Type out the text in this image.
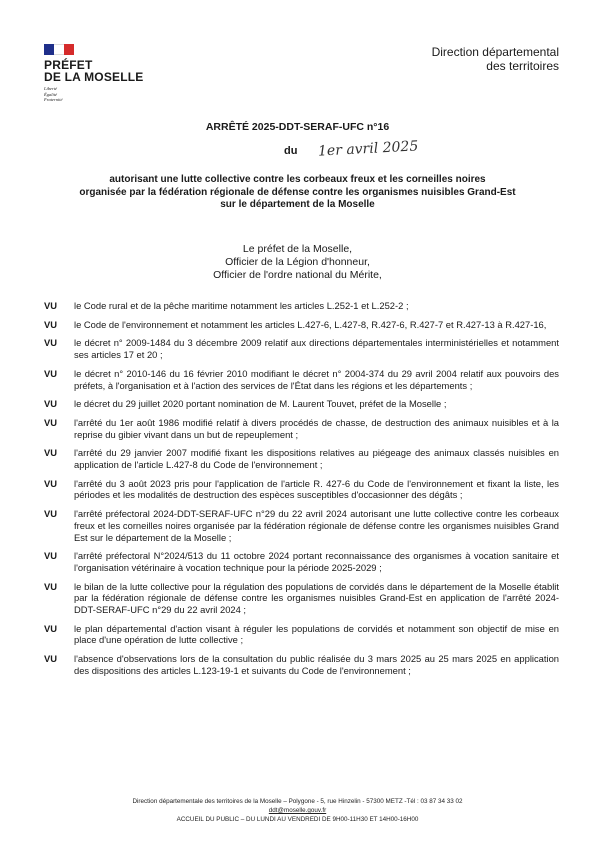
PRÉFET
DE LA MOSELLE
Liberté
Égalité
Fraternité
Direction départemental
des territoires
ARRÊTÉ 2025-DDT-SERAF-UFC n°16
du 1er avril 2025
autorisant une lutte collective contre les corbeaux freux et les corneilles noires
organisée par la fédération régionale de défense contre les organismes nuisibles Grand-Est
sur le département de la Moselle
Le préfet de la Moselle,
Officier de la Légion d'honneur,
Officier de l'ordre national du Mérite,
VU	le Code rural et de la pêche maritime notamment les articles L.252-1 et L.252-2 ;
VU	le Code de l'environnement et notamment les articles L.427-6, L.427-8, R.427-6, R.427-7 et R.427-13 à R.427-16,
VU	le décret n° 2009-1484 du 3 décembre 2009 relatif aux directions départementales interministérielles et notamment ses articles 17 et 20 ;
VU	le décret n° 2010-146 du 16 février 2010 modifiant le décret n° 2004-374 du 29 avril 2004 relatif aux pouvoirs des préfets, à l'organisation et à l'action des services de l'État dans les régions et les départements ;
VU	le décret du 29 juillet 2020 portant nomination de M. Laurent Touvet, préfet de la Moselle ;
VU	l'arrêté du 1er août 1986 modifié relatif à divers procédés de chasse, de destruction des animaux nuisibles et à la reprise du gibier vivant dans un but de repeuplement ;
VU	l'arrêté du 29 janvier 2007 modifié fixant les dispositions relatives au piégeage des animaux classés nuisibles en application de l'article L.427-8 du Code de l'environnement ;
VU	l'arrêté du 3 août 2023 pris pour l'application de l'article R. 427-6 du Code de l'environnement et fixant la liste, les périodes et les modalités de destruction des espèces susceptibles d'occasionner des dégâts ;
VU	l'arrêté préfectoral 2024-DDT-SERAF-UFC n°29 du 22 avril 2024 autorisant une lutte collective contre les corbeaux freux et les corneilles noires organisée par la fédération régionale de défense contre les organismes nuisibles Grand Est sur le département de la Moselle ;
VU	l'arrêté préfectoral N°2024/513 du 11 octobre 2024 portant reconnaissance des organismes à vocation sanitaire et l'organisation vétérinaire à vocation technique pour la période 2025-2029 ;
VU	le bilan de la lutte collective pour la régulation des populations de corvidés dans le département de la Moselle établit par la fédération régionale de défense contre les organismes nuisibles Grand-Est en application de l'arrêté 2024-DDT-SERAF-UFC n°29 du 22 avril 2024 ;
VU	le plan départemental d'action visant à réguler les populations de corvidés et notamment son objectif de mise en place d'une opération de lutte collective ;
VU	l'absence d'observations lors de la consultation du public réalisée du 3 mars 2025 au 25 mars 2025 en application des dispositions des articles L.123-19-1 et suivants du Code de l'environnement ;
Direction départementale des territoires de la Moselle – Polygone - 5, rue Hinzelin - 57300 METZ -Tél : 03 87 34 33 02
ddt@moselle.gouv.fr
ACCUEIL DU PUBLIC – DU LUNDI AU VENDREDI DE 9H00-11H30 ET 14H00-16H00
